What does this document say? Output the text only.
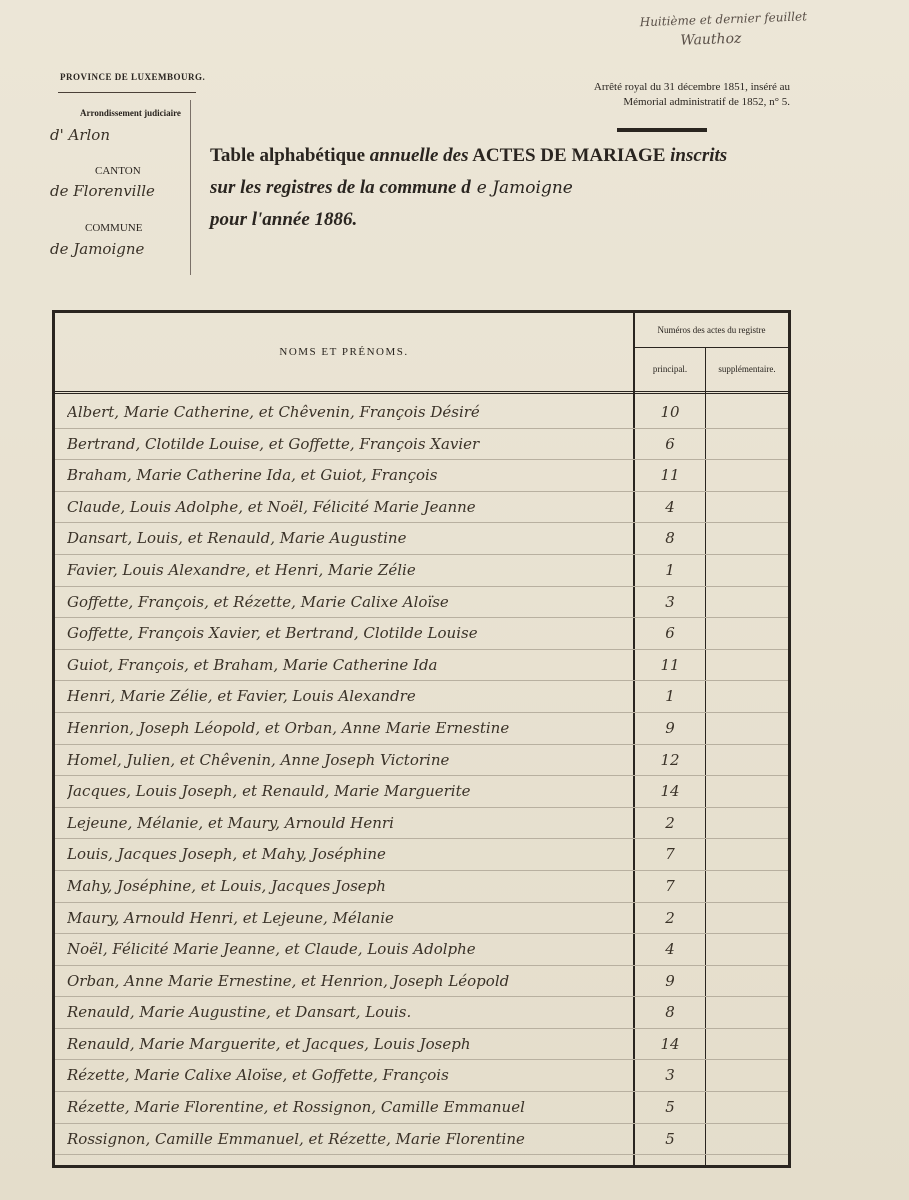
Huitième et dernier feuillet
Wauthoz
PROVINCE DE LUXEMBOURG.
Arrondissement judiciaire
d' Arlon
CANTON
de Florenville
COMMUNE
de Jamoigne
Arrêté royal du 31 décembre 1851, inséré au
Mémorial administratif de 1852, n° 5.
Table alphabétique annuelle des ACTES DE MARIAGE inscrits
sur les registres de la commune d e Jamoigne
pour l'année 1886.
NOMS ET PRÉNOMS.
Numéros des actes du registre
principal.	supplémentaire.
Albert, Marie Catherine, et Chêvenin, François Désiré	10
Bertrand, Clotilde Louise, et Goffette, François Xavier	6
Braham, Marie Catherine Ida, et Guiot, François	11
Claude, Louis Adolphe, et Noël, Félicité Marie Jeanne	4
Dansart, Louis, et Renauld, Marie Augustine	8
Favier, Louis Alexandre, et Henri, Marie Zélie	1
Goffette, François, et Rézette, Marie Calixe Aloïse	3
Goffette, François Xavier, et Bertrand, Clotilde Louise	6
Guiot, François, et Braham, Marie Catherine Ida	11
Henri, Marie Zélie, et Favier, Louis Alexandre	1
Henrion, Joseph Léopold, et Orban, Anne Marie Ernestine	9
Homel, Julien, et Chêvenin, Anne Joseph Victorine	12
Jacques, Louis Joseph, et Renauld, Marie Marguerite	14
Lejeune, Mélanie, et Maury, Arnould Henri	2
Louis, Jacques Joseph, et Mahy, Joséphine	7
Mahy, Joséphine, et Louis, Jacques Joseph	7
Maury, Arnould Henri, et Lejeune, Mélanie	2
Noël, Félicité Marie Jeanne, et Claude, Louis Adolphe	4
Orban, Anne Marie Ernestine, et Henrion, Joseph Léopold	9
Renauld, Marie Augustine, et Dansart, Louis.	8
Renauld, Marie Marguerite, et Jacques, Louis Joseph	14
Rézette, Marie Calixe Aloïse, et Goffette, François	3
Rézette, Marie Florentine, et Rossignon, Camille Emmanuel	5
Rossignon, Camille Emmanuel, et Rézette, Marie Florentine	5
